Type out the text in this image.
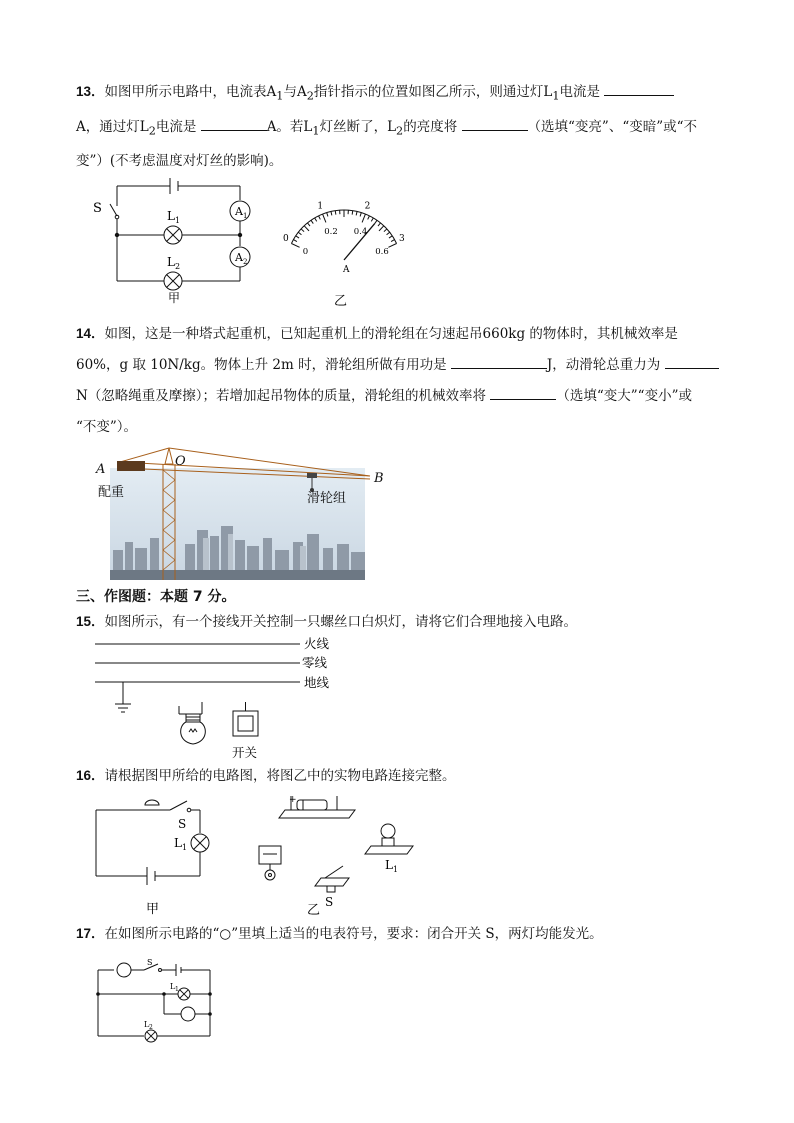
13．如图甲所示电路中，电流表$A_1$与$A_2$指针指示的位置如图乙所示，则通过灯$L_1$电流是
A，通过灯$L_2$电流是	A。若$L_1$灯丝断了，$L_2$的亮度将	（选填“变亮”、“变暗”或“不
变”）(不考虑温度对灯丝的影响)。

S	L 1
L 2
A 1
A 2
甲
A
乙
0
1	2
3
0
0.2 0.4
0.6

14．如图，这是一种塔式起重机，已知起重机上的滑轮组在匀速起吊660kg 的物体时，其机械效率是
60%，g 取 10N/kg。物体上升 2m 时，滑轮组所做有用功是	J，动滑轮总重力为
N（忽略绳重及摩擦）；若增加起吊物体的质量，滑轮组的机械效率将	（选填“变大”“变小”或
“不变”）。

A
O
B
配重	滑轮组
三、作图题：本题 7 分。

15．如图所示，有一个接线开关控制一只螺丝口白炽灯，请将它们合理地接入电路。

火线
零线
地线
开关

16．请根据图甲所给的电路图，将图乙中的实物电路连接完整。

S
L 1
甲
+
S
L 1
乙

17．在如图所示电路的“○”里填上适当的电表符号，要求：闭合开关 S，两灯均能发光。

S
L 1
L 2
